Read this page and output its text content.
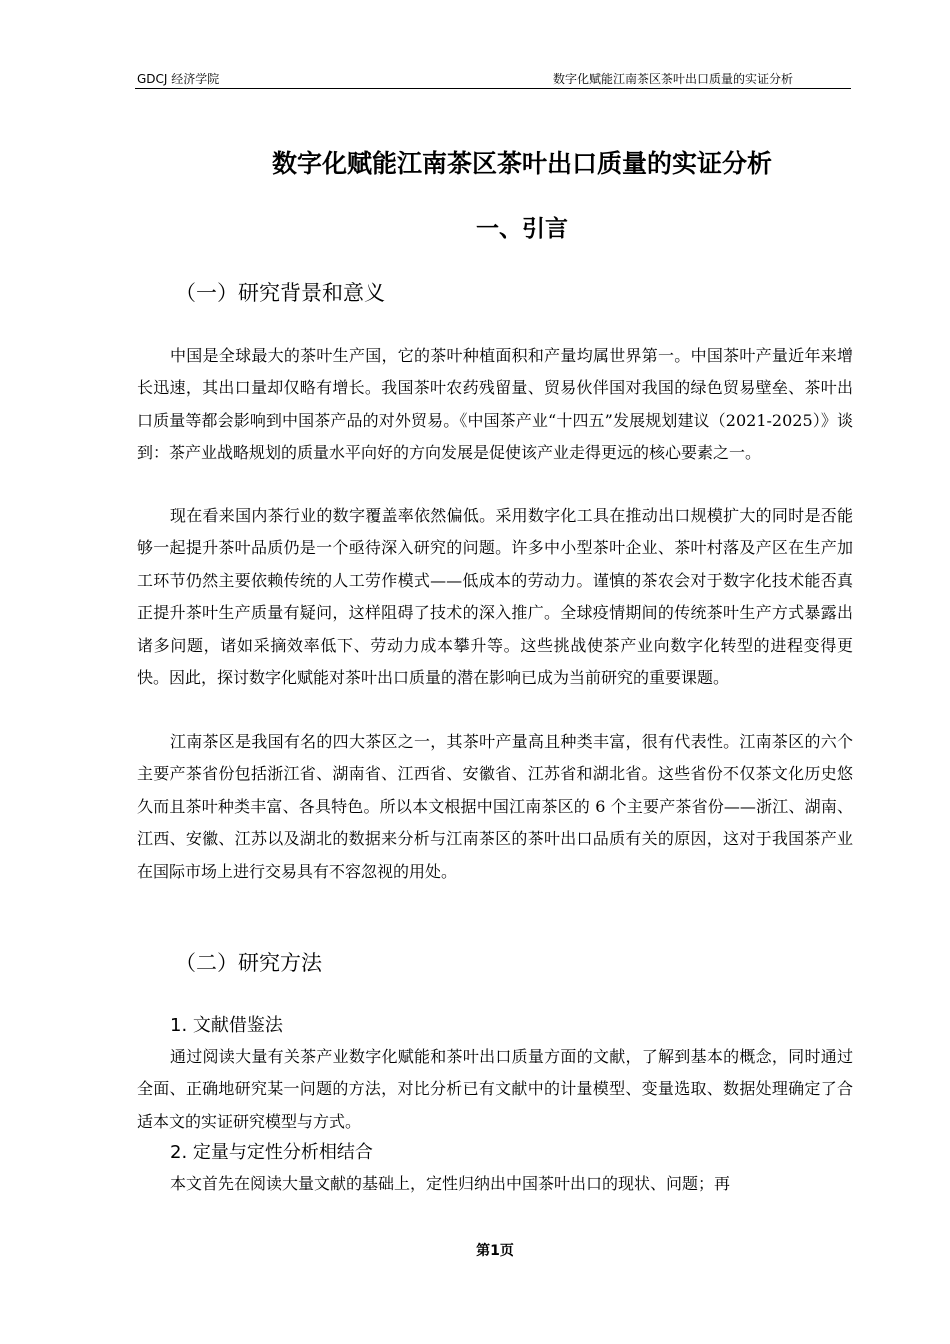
GDCJ 经济学院	数字化赋能江南茶区茶叶出口质量的实证分析
数字化赋能江南茶区茶叶出口质量的实证分析
一、引言
（一）研究背景和意义

中国是全球最大的茶叶生产国，它的茶叶种植面积和产量均属世界第一。中国茶叶产量近年来增长迅速，其出口量却仅略有增长。我国茶叶农药残留量、贸易伙伴国对我国的绿色贸易壁垒、茶叶出口质量等都会影响到中国茶产品的对外贸易。《中国茶产业“十四五”发展规划建议（2021-2025）》谈到：茶产业战略规划的质量水平向好的方向发展是促使该产业走得更远的核心要素之一。

现在看来国内茶行业的数字覆盖率依然偏低。采用数字化工具在推动出口规模扩大的同时是否能够一起提升茶叶品质仍是一个亟待深入研究的问题。许多中小型茶叶企业、茶叶村落及产区在生产加工环节仍然主要依赖传统的人工劳作模式——低成本的劳动力。谨慎的茶农会对于数字化技术能否真正提升茶叶生产质量有疑问，这样阻碍了技术的深入推广。全球疫情期间的传统茶叶生产方式暴露出诸多问题，诸如采摘效率低下、劳动力成本攀升等。这些挑战使茶产业向数字化转型的进程变得更快。因此，探讨数字化赋能对茶叶出口质量的潜在影响已成为当前研究的重要课题。

江南茶区是我国有名的四大茶区之一，其茶叶产量高且种类丰富，很有代表性。江南茶区的六个主要产茶省份包括浙江省、湖南省、江西省、安徽省、江苏省和湖北省。这些省份不仅茶文化历史悠久而且茶叶种类丰富、各具特色。所以本文根据中国江南茶区的 6 个主要产茶省份——浙江、湖南、江西、安徽、江苏以及湖北的数据来分析与江南茶区的茶叶出口品质有关的原因，这对于我国茶产业在国际市场上进行交易具有不容忽视的用处。

（二）研究方法
1. 文献借鉴法

通过阅读大量有关茶产业数字化赋能和茶叶出口质量方面的文献，了解到基本的概念，同时通过全面、正确地研究某一问题的方法，对比分析已有文献中的计量模型、变量选取、数据处理确定了合适本文的实证研究模型与方式。

2. 定量与定性分析相结合

本文首先在阅读大量文献的基础上，定性归纳出中国茶叶出口的现状、问题；再

第1页
